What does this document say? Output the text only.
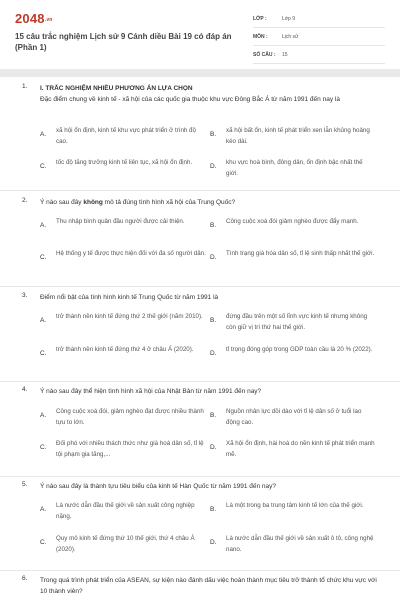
2048.vn
15 câu trắc nghiệm Lịch sử 9 Cánh diều Bài 19 có đáp án (Phần 1)
LỚP :	Lớp 9
MÔN :	Lịch sử
SỐ CÂU :	15
1. I. TRẮC NGHIỆM NHIỀU PHƯƠNG ÁN LỰA CHỌN
Đặc điểm chung về kinh tế - xã hội của các quốc gia thuộc khu vực Đông Bắc Á từ năm 1991 đến nay là
A.
xã hội ổn định, kinh tế khu vực phát triển ở trình độ cao.
B.
xã hội bất ổn, kinh tế phát triển xen lẫn khủng hoảng kéo dài.
C.
tốc độ tăng trưởng kinh tế liên tục, xã hội ổn định.
D.
khu vực hoà bình, đông dân, ổn định bậc nhất thế giới.
2. Ý nào sau đây không mô tả đúng tình hình xã hội của Trung Quốc?
A.
Thu nhập bình quân đầu người được cải thiện.
B.
Công cuộc xoá đói giảm nghèo được đẩy mạnh.
C.
Hệ thống y tế được thực hiện đối với đa số người dân.
D.
Tình trạng già hóa dân số, tỉ lệ sinh thấp nhất thế giới.
3. Điểm nổi bật của tình hình kinh tế Trung Quốc từ năm 1991 là
A.
trở thành nền kinh tế đứng thứ 2 thế giới (năm 2010).
B.
đứng đầu trên một số lĩnh vực kinh tế nhưng không còn giữ vị trí thứ hai thế giới.
C.
trở thành nền kinh tế đứng thứ 4 ở châu Á (2020).
D.
tỉ trọng đóng góp trong GDP toàn cầu là 20 % (2022).
4. Ý nào sau đây thể hiện tình hình xã hội của Nhật Bản từ năm 1991 đến nay?
A.
Công cuộc xoá đói, giảm nghèo đạt được nhiều thành tựu to lớn.
B.
Nguồn nhân lực dồi dào với tỉ lệ dân số ở tuổi lao động cao.
C.
Đối phó với nhiều thách thức như già hoá dân số, tỉ lệ tội phạm gia tăng,...
D.
Xã hội ổn định, hài hoà do nền kinh tế phát triển mạnh mẽ.
5. Ý nào sau đây là thành tựu tiêu biểu của kinh tế Hàn Quốc từ năm 1991 đến nay?
A.
Là nước dẫn đầu thế giới về sản xuất công nghiệp nặng.
B.
Là một trong ba trung tâm kinh tế lớn của thế giới.
C.
Quy mô kinh tế đứng thứ 10 thế giới, thứ 4 châu Á (2020).
D.
Là nước dẫn đầu thế giới về sản xuất ô tô, công nghệ nano.
6. Trong quá trình phát triển của ASEAN, sự kiện nào đánh dấu việc hoàn thành mục tiêu trở thành tổ chức khu vực với 10 thành viên?
